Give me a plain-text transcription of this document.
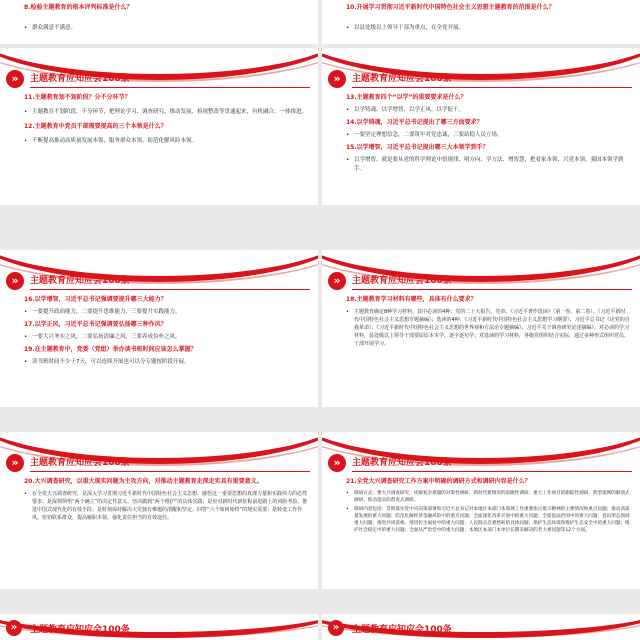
8.检验主题教育的根本评判标准是什么？
• 群众满意不满意。
10.开展学习贯彻习近平新时代中国特色社会主义思想主题教育的范围是什么？
• 以县处级以上领导干部为重点，在全党开展。
»	主题教育应知应会100条
11.主题教育划不划阶段？分不分环节？
• 主题教育不划阶段，不分环节，把理论学习、调查研究、推动发展、检视整改等贯通起来，有机融合，一体推进。
12.主题教育中党员干部需要提高的三个本领是什么？
• 不断提高推动高质量发展本领、服务群众本领、防范化解风险本领。
»	主题教育应知应会100条
13.主题教育四个“以学”的重要要求是什么？
• 以学铸魂、以学增智、以学正风、以学促干。
14.以学铸魂，习近平总书记提出了哪三方面要求？
• 一要坚定理想信念，二要筑牢对党忠诚，三要站稳人民立场。
15.以学增智，习近平总书记提出哪三大本领学到手？
• 以学增智，就是要从党的科学理论中悟规律、明方向、学方法、增智慧，把看家本领、兴党本领、强国本领学到手。
»	主题教育应知应会100条
16.以学增智，习近平总书记强调要提升哪三大能力？
• 一要提升政治能力，二要提升思维能力，三要提升实践能力。
17.以学正风，习近平总书记强调要弘扬哪三种作风？
• 一要大兴务实之风，二要弘扬清廉之风，三要养成俭朴之风。
19.在主题教育中，党委（党组）举办读书班时间应该怎么掌握？
• 读书班时间不少于7天，可以连续开展也可以分专题按阶段开展。
»	主题教育应知应会100条
18.主题教育学习材料有哪些，具体有什么要求？
• 主题教育确定8种学习材料，其中必读的4种：党的二十大报告、党章、《习近平著作选读》（第一卷、第二卷）、《习近平新时代中国特色社会主义思想专题摘编》；选读的4种：《习近平新时代中国特色社会主义思想学习纲要》、习近平总书记《论党的自我革命》、《习近平新时代中国特色社会主义思想的世界观和方法论专题摘编》、习近平关于调查研究论述摘编》。对必读的学习材料，县处级以上领导干部要原原本本学、逐字逐句学；对选读的学习材料，各级党组织结合实际，通过多种形式组织党员、干部开展学习。
»	主题教育应知应会100条
20.大兴调查研究，以重大现实问题为主攻方向，对推动主题教育走深走实具有重要意义。
• 在全党大兴调查研究，是深入学习贯彻习近平新时代中国特色社会主义思想、感悟这一重要思想的真理力量和实践伟力的必然要求；是深刻领悟“两个确立”的决定性意义、坚决做到“两个维护”的具体实践；是应对新时代新征程前进路上的风险考验、推进中国式现代化的有效手段；是时刻保持解决大党独有难题的清醒和坚定、回答“六个如何始终”的现实需要；是转变工作作风、密切联系群众、提高履职本领、强化责任担当的有效途径。
»	主题教育应知应会100条
21.全党大兴调查研究工作方案中明确的调研方式和调研内容是什么？
• 调研方式：要大兴调查研究，读解复杂难题的对策性调研、新时代新情况的前瞻性调研、重大工作项目的跟踪性调研、典型案例的解剖式调研、推动落实的督查式调研。
• 调研内容包括：贯彻落实党中央决策部署和习近平总书记对本地区本部门本领域工作重要指示批示精神的主要情况和重点问题；推动高质量发展的重大问题；防范化解经济金融风险中的重点问题；全面深化改革开放中的重大问题；全面依法治国中的重大问题；意识形态领域重大问题；推进共同富裕、增进民生福祉中的重大问题；人民群众急难愁盼的具体问题；保护生态环境和维护生态安全中的重大问题；维护社会稳定中的重大问题；全面从严治党中的重大问题；本地区本部门本单位长期未解决的老大难问题等12个方面。
»	主题教育应知应会100条	»	主题教育应知应会100条
